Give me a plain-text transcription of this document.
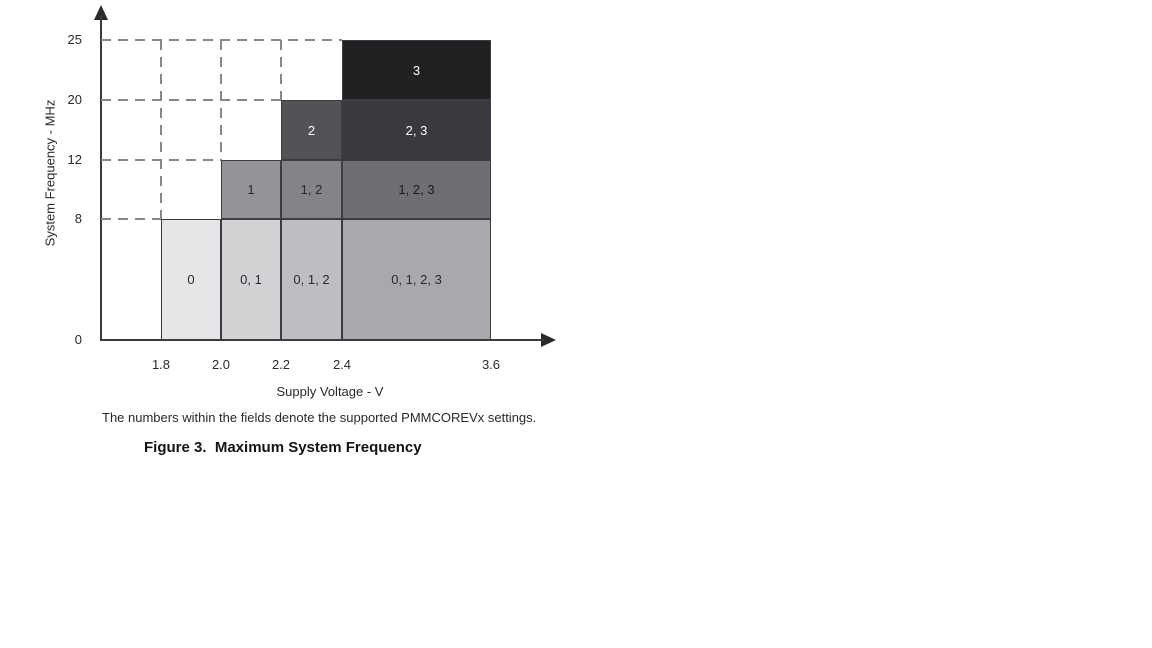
0	0, 1	0, 1, 2	0, 1, 2, 3
1	1, 2	1, 2, 3
2	2, 3
3
25
20
12
8
0
1.8	2.0	2.2	2.4	3.6
System Frequency - MHz
Supply Voltage - V
The numbers within the fields denote the supported PMMCOREVx settings.
Figure 3.  Maximum System Frequency
